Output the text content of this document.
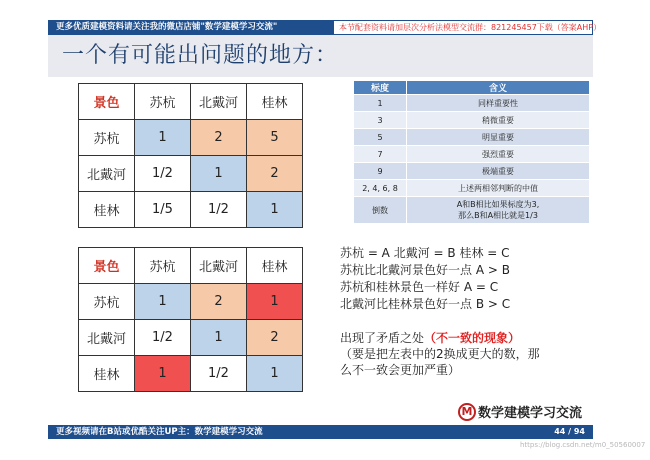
更多优质建模资料请关注我的微店店铺"数学建模学习交流"	本节配套资料请加层次分析法模型交流群：821245457下载（答案AHP）
一个有可能出问题的地方：
景色	苏杭	北戴河	桂林
苏杭	1	2	5
北戴河	1/2	1	2
桂林	1/5	1/2	1
景色	苏杭	北戴河	桂林
苏杭	1	2	1
北戴河	1/2	1	2
桂林	1	1/2	1
标度	含义
1	同样重要性
3	稍微重要
5	明显重要
7	强烈重要
9	极端重要
2, 4, 6, 8	上述两相邻判断的中值
倒数	A和B相比如果标度为3,
那么B和A相比就是1/3
苏杭 = A 北戴河 = B 桂林 = C
苏杭比北戴河景色好一点 A > B
苏杭和桂林景色一样好 A = C
北戴河比桂林景色好一点 B > C
出现了矛盾之处（不一致的现象）
（要是把左表中的2换成更大的数，那
么不一致会更加严重）
M 数学建模学习交流
更多视频请在B站或优酷关注UP主：数学建模学习交流	44 / 94
https://blog.csdn.net/m0_50560007
